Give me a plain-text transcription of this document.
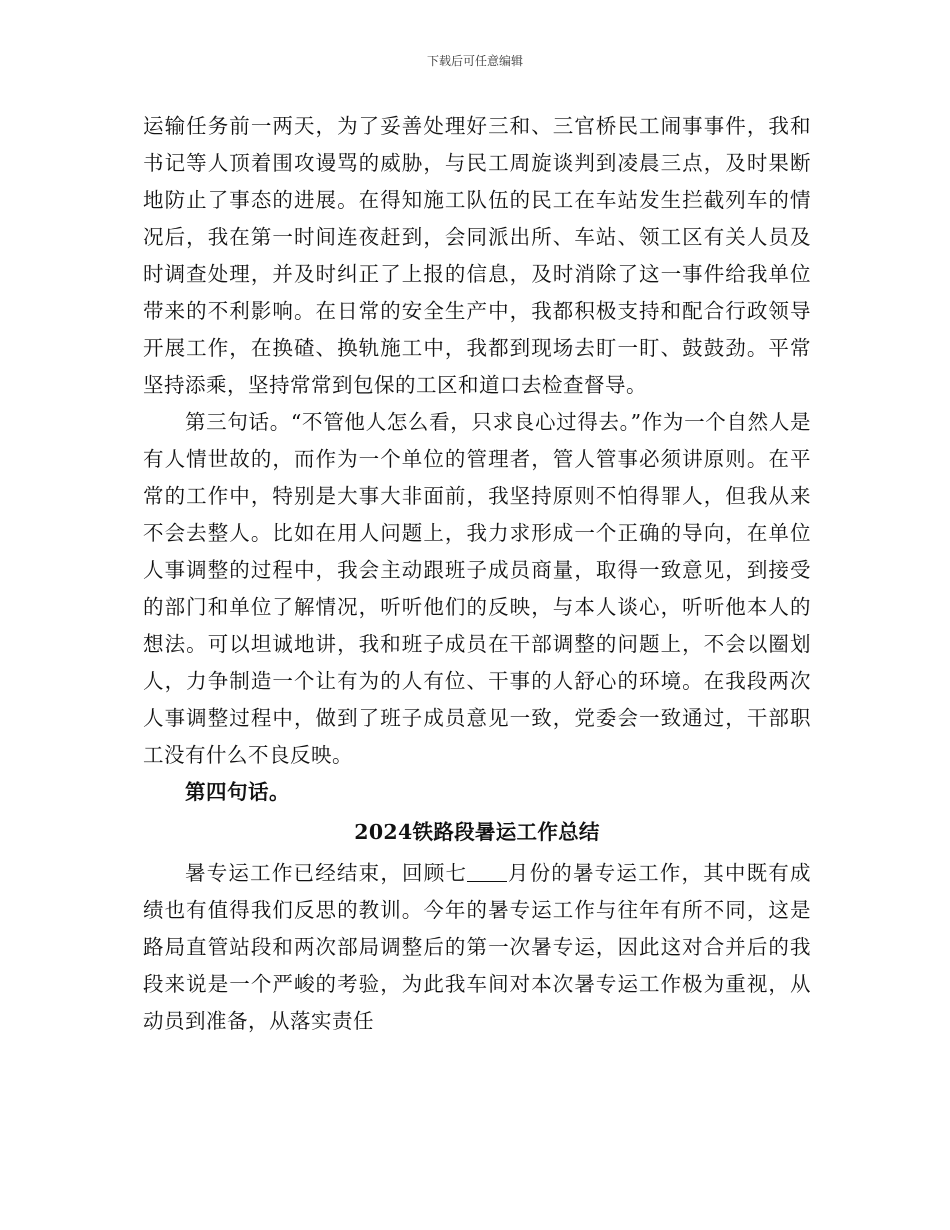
下载后可任意编辑

运输任务前一两天，为了妥善处理好三和、三官桥民工闹事事件，我和书记等人顶着围攻谩骂的威胁，与民工周旋谈判到凌晨三点，及时果断地防止了事态的进展。在得知施工队伍的民工在车站发生拦截列车的情况后，我在第一时间连夜赶到，会同派出所、车站、领工区有关人员及时调查处理，并及时纠正了上报的信息，及时消除了这一事件给我单位带来的不利影响。在日常的安全生产中，我都积极支持和配合行政领导开展工作，在换碴、换轨施工中，我都到现场去盯一盯、鼓鼓劲。平常坚持添乘，坚持常常到包保的工区和道口去检查督导。

第三句话。“不管他人怎么看，只求良心过得去。”作为一个自然人是有人情世故的，而作为一个单位的管理者，管人管事必须讲原则。在平常的工作中，特别是大事大非面前，我坚持原则不怕得罪人，但我从来不会去整人。比如在用人问题上，我力求形成一个正确的导向，在单位人事调整的过程中，我会主动跟班子成员商量，取得一致意见，到接受的部门和单位了解情况，听听他们的反映，与本人谈心，听听他本人的想法。可以坦诚地讲，我和班子成员在干部调整的问题上，不会以圈划人，力争制造一个让有为的人有位、干事的人舒心的环境。在我段两次人事调整过程中，做到了班子成员意见一致，党委会一致通过，干部职工没有什么不良反映。

第四句话。

2024铁路段暑运工作总结

暑专运工作已经结束，回顾七 月份的暑专运工作，其中既有成绩也有值得我们反思的教训。今年的暑专运工作与往年有所不同，这是路局直管站段和两次部局调整后的第一次暑专运，因此这对合并后的我段来说是一个严峻的考验，为此我车间对本次暑专运工作极为重视，从动员到准备，从落实责任
